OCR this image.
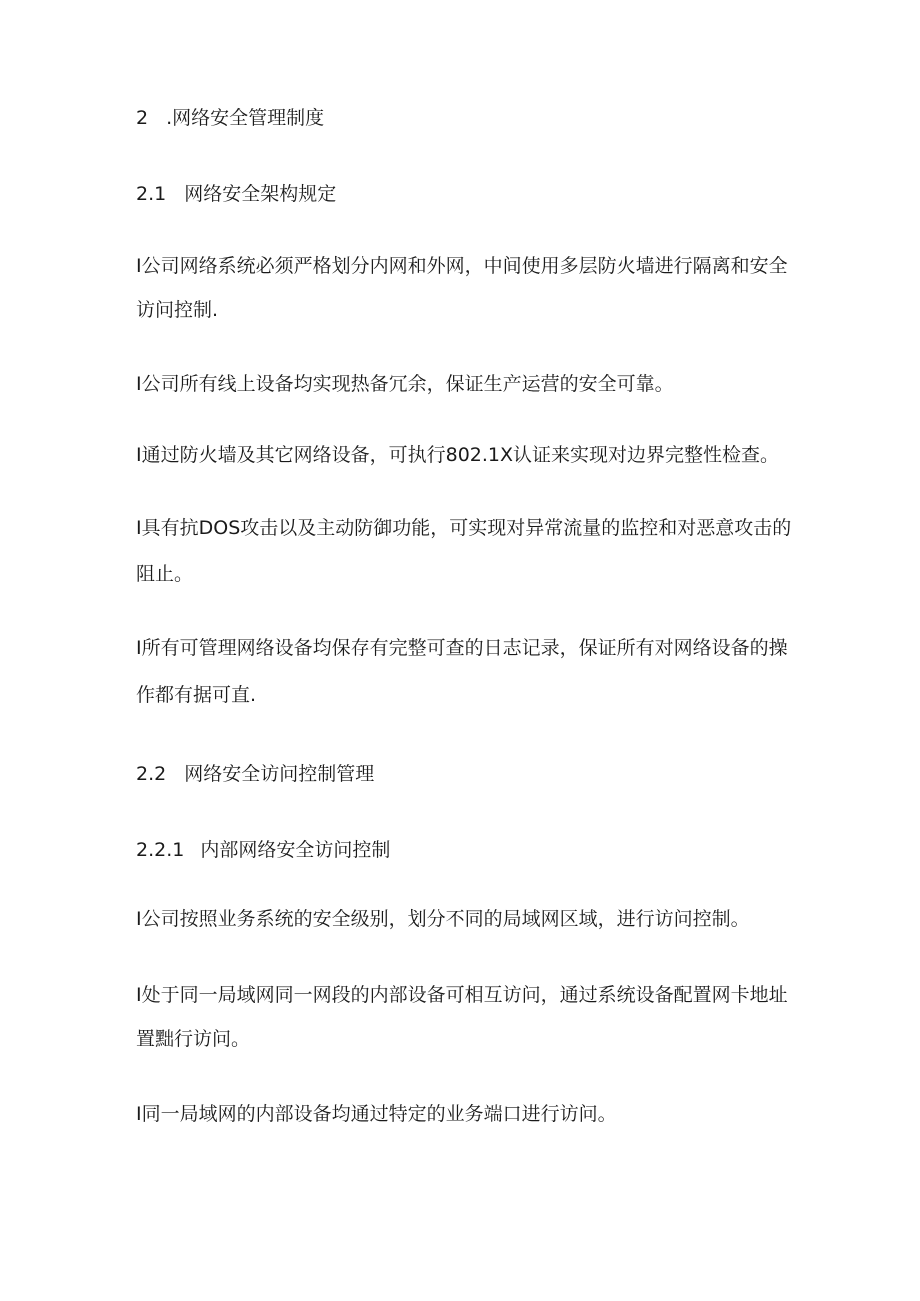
2 .网络安全管理制度
2.1 网络安全架构规定
I公司网络系统必须严格划分内网和外网，中间使用多层防火墙进行隔离和安全
访问控制.
I公司所有线上设备均实现热备冗余，保证生产运营的安全可靠。
I通过防火墙及其它网络设备，可执行802.1X认证来实现对边界完整性检查。
I具有抗DOS攻击以及主动防御功能，可实现对异常流量的监控和对恶意攻击的
阻止。
I所有可管理网络设备均保存有完整可查的日志记录，保证所有对网络设备的操
作都有据可直.
2.2 网络安全访问控制管理
2.2.1 内部网络安全访问控制
I公司按照业务系统的安全级别，划分不同的局域网区域，进行访问控制。
I处于同一局域网同一网段的内部设备可相互访问，通过系统设备配置网卡地址
置黜行访问。
I同一局域网的内部设备均通过特定的业务端口进行访问。
